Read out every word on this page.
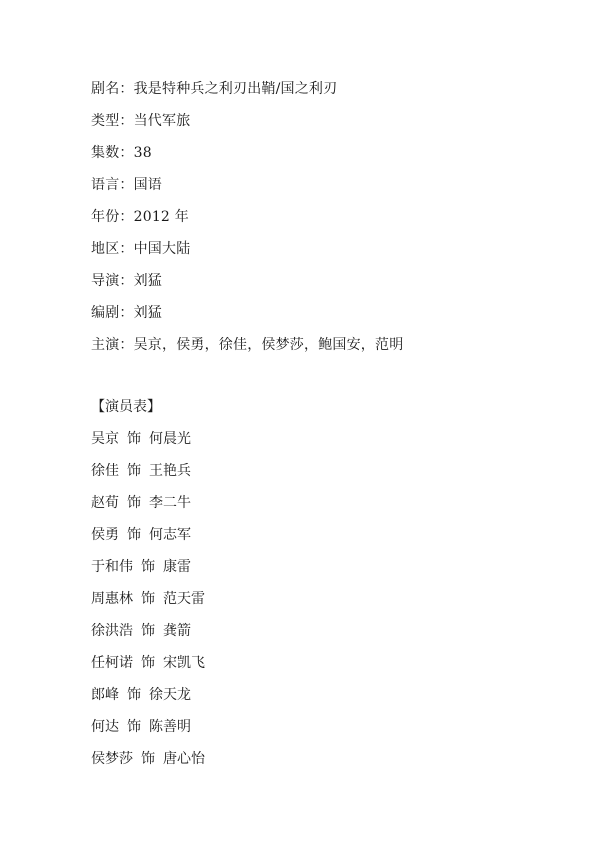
剧名：我是特种兵之利刃出鞘/国之利刃
类型：当代军旅
集数：38
语言：国语
年份：2012 年
地区：中国大陆
导演：刘猛
编剧：刘猛
主演：吴京，侯勇，徐佳，侯梦莎，鲍国安，范明
【演员表】
吴京 饰 何晨光
徐佳 饰 王艳兵
赵荀 饰 李二牛
侯勇 饰 何志军
于和伟 饰 康雷
周惠林 饰 范天雷
徐洪浩 饰 龚箭
任柯诺 饰 宋凯飞
郎峰 饰 徐天龙
何达 饰 陈善明
侯梦莎 饰 唐心怡
